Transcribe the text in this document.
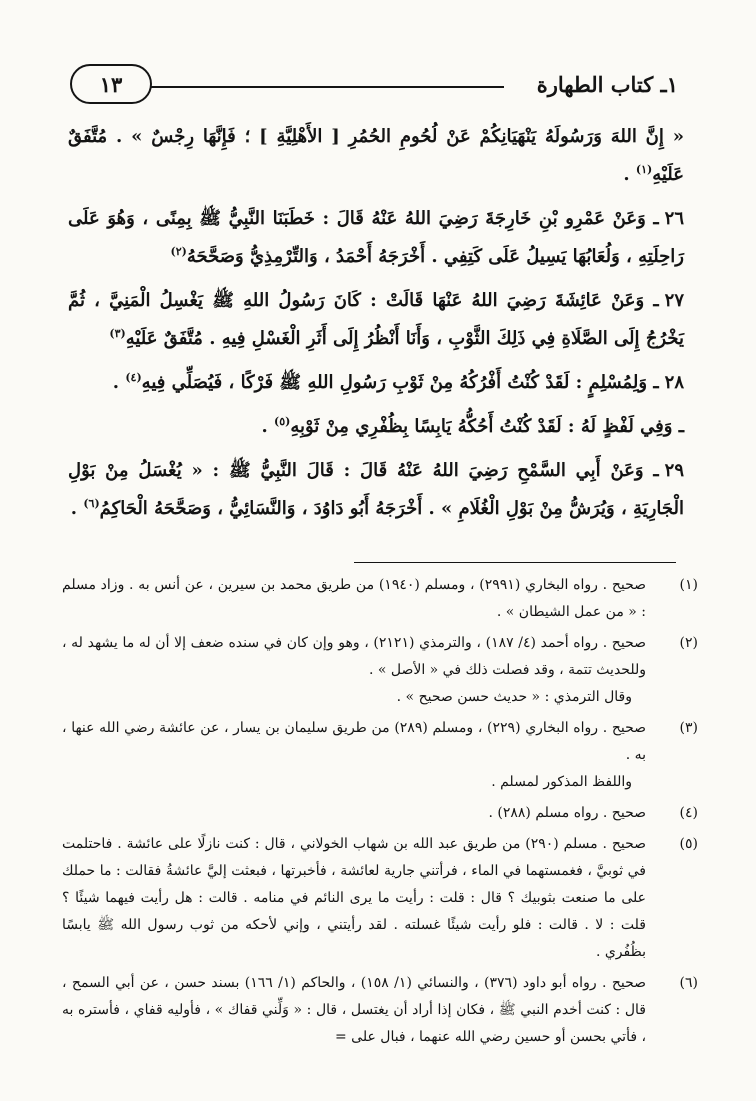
١ـ كتاب الطهارة
١٣

« إِنَّ اللهَ وَرَسُولَهُ يَنْهَيَانِكُمْ عَنْ لُحُومِ الحُمُرِ [ الأَهْلِيَّةِ ] ؛ فَإِنَّهَا رِجْسٌ » . مُتَّفَقٌ عَلَيْهِ$^{(١)}$ .

٢٦ـ وَعَنْ عَمْرِو بْنِ خَارِجَةَ رَضِيَ اللهُ عَنْهُ قَالَ : خَطَبَنَا النَّبِيُّ ﷺ بِمِنًى ، وَهُوَ عَلَى رَاحِلَتِهِ ، وَلُعَابُهَا يَسِيلُ عَلَى كَتِفِي . أَخْرَجَهُ أَحْمَدُ ، وَالتِّرْمِذِيُّ وَصَحَّحَهُ$^{(٢)}$

٢٧ـ وَعَنْ عَائِشَةَ رَضِيَ اللهُ عَنْهَا قَالَتْ : كَانَ رَسُولُ اللهِ ﷺ يَغْسِلُ الْمَنِيَّ ، ثُمَّ يَخْرُجُ إِلَى الصَّلَاةِ فِي ذَلِكَ الثَّوْبِ ، وَأَنَا أَنْظُرُ إِلَى أَثَرِ الْغَسْلِ فِيهِ . مُتَّفَقٌ عَلَيْهِ$^{(٣)}$

٢٨ـ وَلِمُسْلِمٍ : لَقَدْ كُنْتُ أَفْرُكُهُ مِنْ ثَوْبِ رَسُولِ اللهِ ﷺ فَرْكًا ، فَيُصَلِّي فِيهِ$^{(٤)}$ .

ـ وَفِي لَفْظٍ لَهُ : لَقَدْ كُنْتُ أَحُكُّهُ يَابِسًا بِظُفْرِي مِنْ ثَوْبِهِ$^{(٥)}$ .

٢٩ـ وَعَنْ أَبِي السَّمْحِ رَضِيَ اللهُ عَنْهُ قَالَ : قَالَ النَّبِيُّ ﷺ : « يُغْسَلُ مِنْ بَوْلِ الْجَارِيَةِ ، وَيُرَشُّ مِنْ بَوْلِ الْغُلَامِ » . أَخْرَجَهُ أَبُو دَاوُدَ ، وَالنَّسَائِيُّ ، وَصَحَّحَهُ الْحَاكِمُ$^{(٦)}$ .

(١)
صحيح . رواه البخاري (٢٩٩١) ، ومسلم (١٩٤٠) من طريق محمد بن سيرين ، عن أنس به . وزاد مسلم : « من عمل الشيطان » .
(٢)
صحيح . رواه أحمد (٤/ ١٨٧) ، والترمذي (٢١٢١) ، وهو وإن كان في سنده ضعف إلا أن له ما يشهد له ، وللحديث تتمة ، وقد فصلت ذلك في « الأصل » .
وقال الترمذي : « حديث حسن صحيح » .
(٣)
صحيح . رواه البخاري (٢٢٩) ، ومسلم (٢٨٩) من طريق سليمان بن يسار ، عن عائشة رضي الله عنها ، به .
واللفظ المذكور لمسلم .
(٤)
صحيح . رواه مسلم (٢٨٨) .
(٥)
صحيح . مسلم (٢٩٠) من طريق عبد الله بن شهاب الخولاني ، قال : كنت نازلًا على عائشة . فاحتلمت في ثوبيَّ ، فغمستهما في الماء ، فرأتني جارية لعائشة ، فأخبرتها ، فبعثت إليَّ عائشةُ فقالت : ما حملك على ما صنعت بثوبيك ؟ قال : قلت : رأيت ما يرى النائم في منامه . قالت : هل رأيت فيهما شيئًا ؟ قلت : لا . قالت : فلو رأيت شيئًا غسلته . لقد رأيتني ، وإني لأحكه من ثوب رسول الله ﷺ يابسًا بظُفُري .
(٦)
صحيح . رواه أبو داود (٣٧٦) ، والنسائي (١/ ١٥٨) ، والحاكم (١/ ١٦٦) بسند حسن ، عن أبي السمح ، قال : كنت أخدم النبي ﷺ ، فكان إذا أراد أن يغتسل ، قال : « وَلِّني قفاك » ، فأوليه قفاي ، فأستره به ، فأتي بحسن أو حسين رضي الله عنهما ، فبال على =
